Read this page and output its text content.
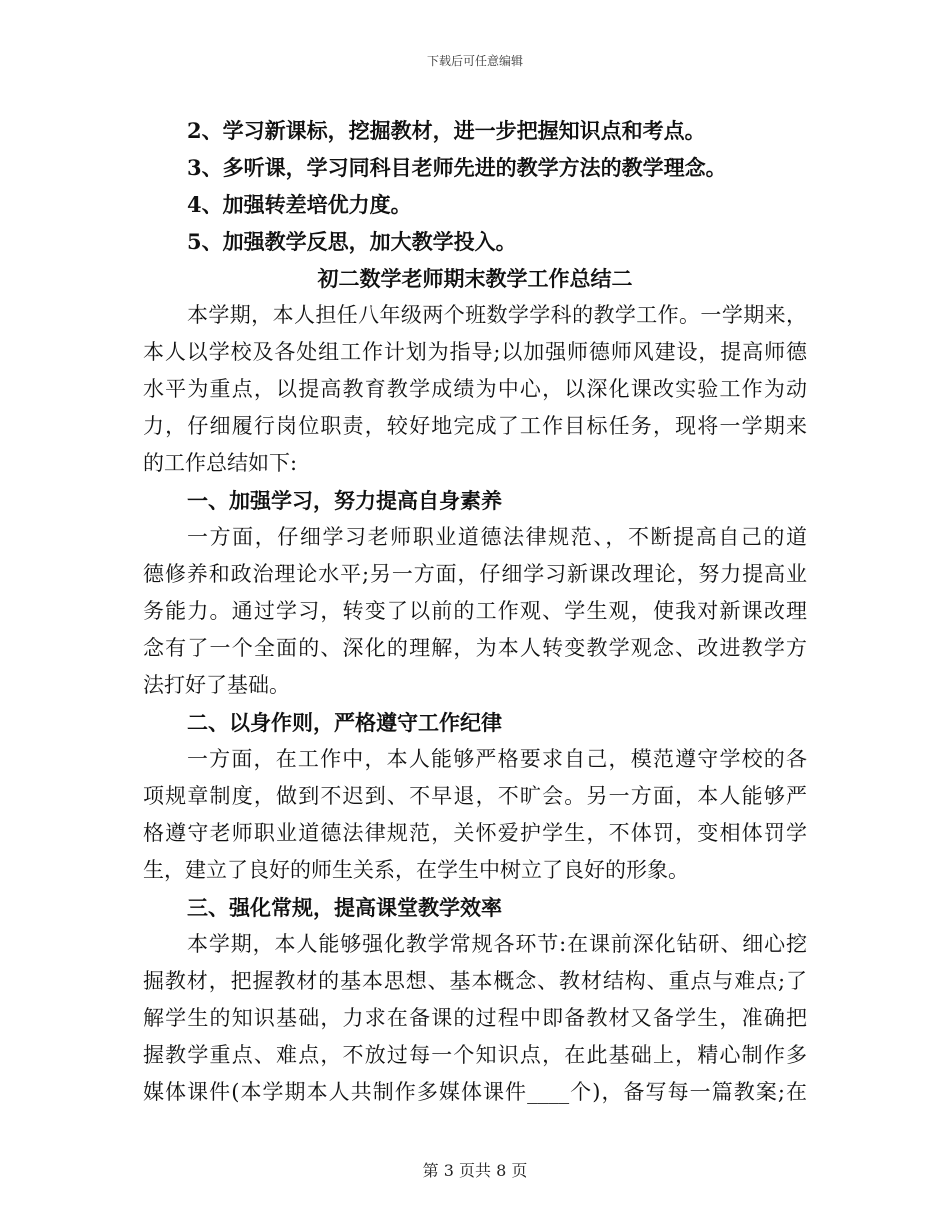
下载后可任意编辑
2、学习新课标，挖掘教材，进一步把握知识点和考点。
3、多听课，学习同科目老师先进的教学方法的教学理念。
4、加强转差培优力度。
5、加强教学反思，加大教学投入。
初二数学老师期末教学工作总结二
本学期，本人担任八年级两个班数学学科的教学工作。一学期来，
本人以学校及各处组工作计划为指导;以加强师德师风建设，提高师德
水平为重点，以提高教育教学成绩为中心，以深化课改实验工作为动
力，仔细履行岗位职责，较好地完成了工作目标任务，现将一学期来
的工作总结如下:
一、加强学习，努力提高自身素养
一方面，仔细学习老师职业道德法律规范、，不断提高自己的道
德修养和政治理论水平;另一方面，仔细学习新课改理论，努力提高业
务能力。通过学习，转变了以前的工作观、学生观，使我对新课改理
念有了一个全面的、深化的理解，为本人转变教学观念、改进教学方
法打好了基础。
二、以身作则，严格遵守工作纪律
一方面，在工作中，本人能够严格要求自己，模范遵守学校的各
项规章制度，做到不迟到、不早退，不旷会。另一方面，本人能够严
格遵守老师职业道德法律规范，关怀爱护学生，不体罚，变相体罚学
生，建立了良好的师生关系，在学生中树立了良好的形象。
三、强化常规，提高课堂教学效率
本学期，本人能够强化教学常规各环节:在课前深化钻研、细心挖
掘教材，把握教材的基本思想、基本概念、教材结构、重点与难点;了
解学生的知识基础，力求在备课的过程中即备教材又备学生，准确把
握教学重点、难点，不放过每一个知识点，在此基础上，精心制作多
媒体课件(本学期本人共制作多媒体课件____个)，备写每一篇教案;在
第 3 页共 8 页
